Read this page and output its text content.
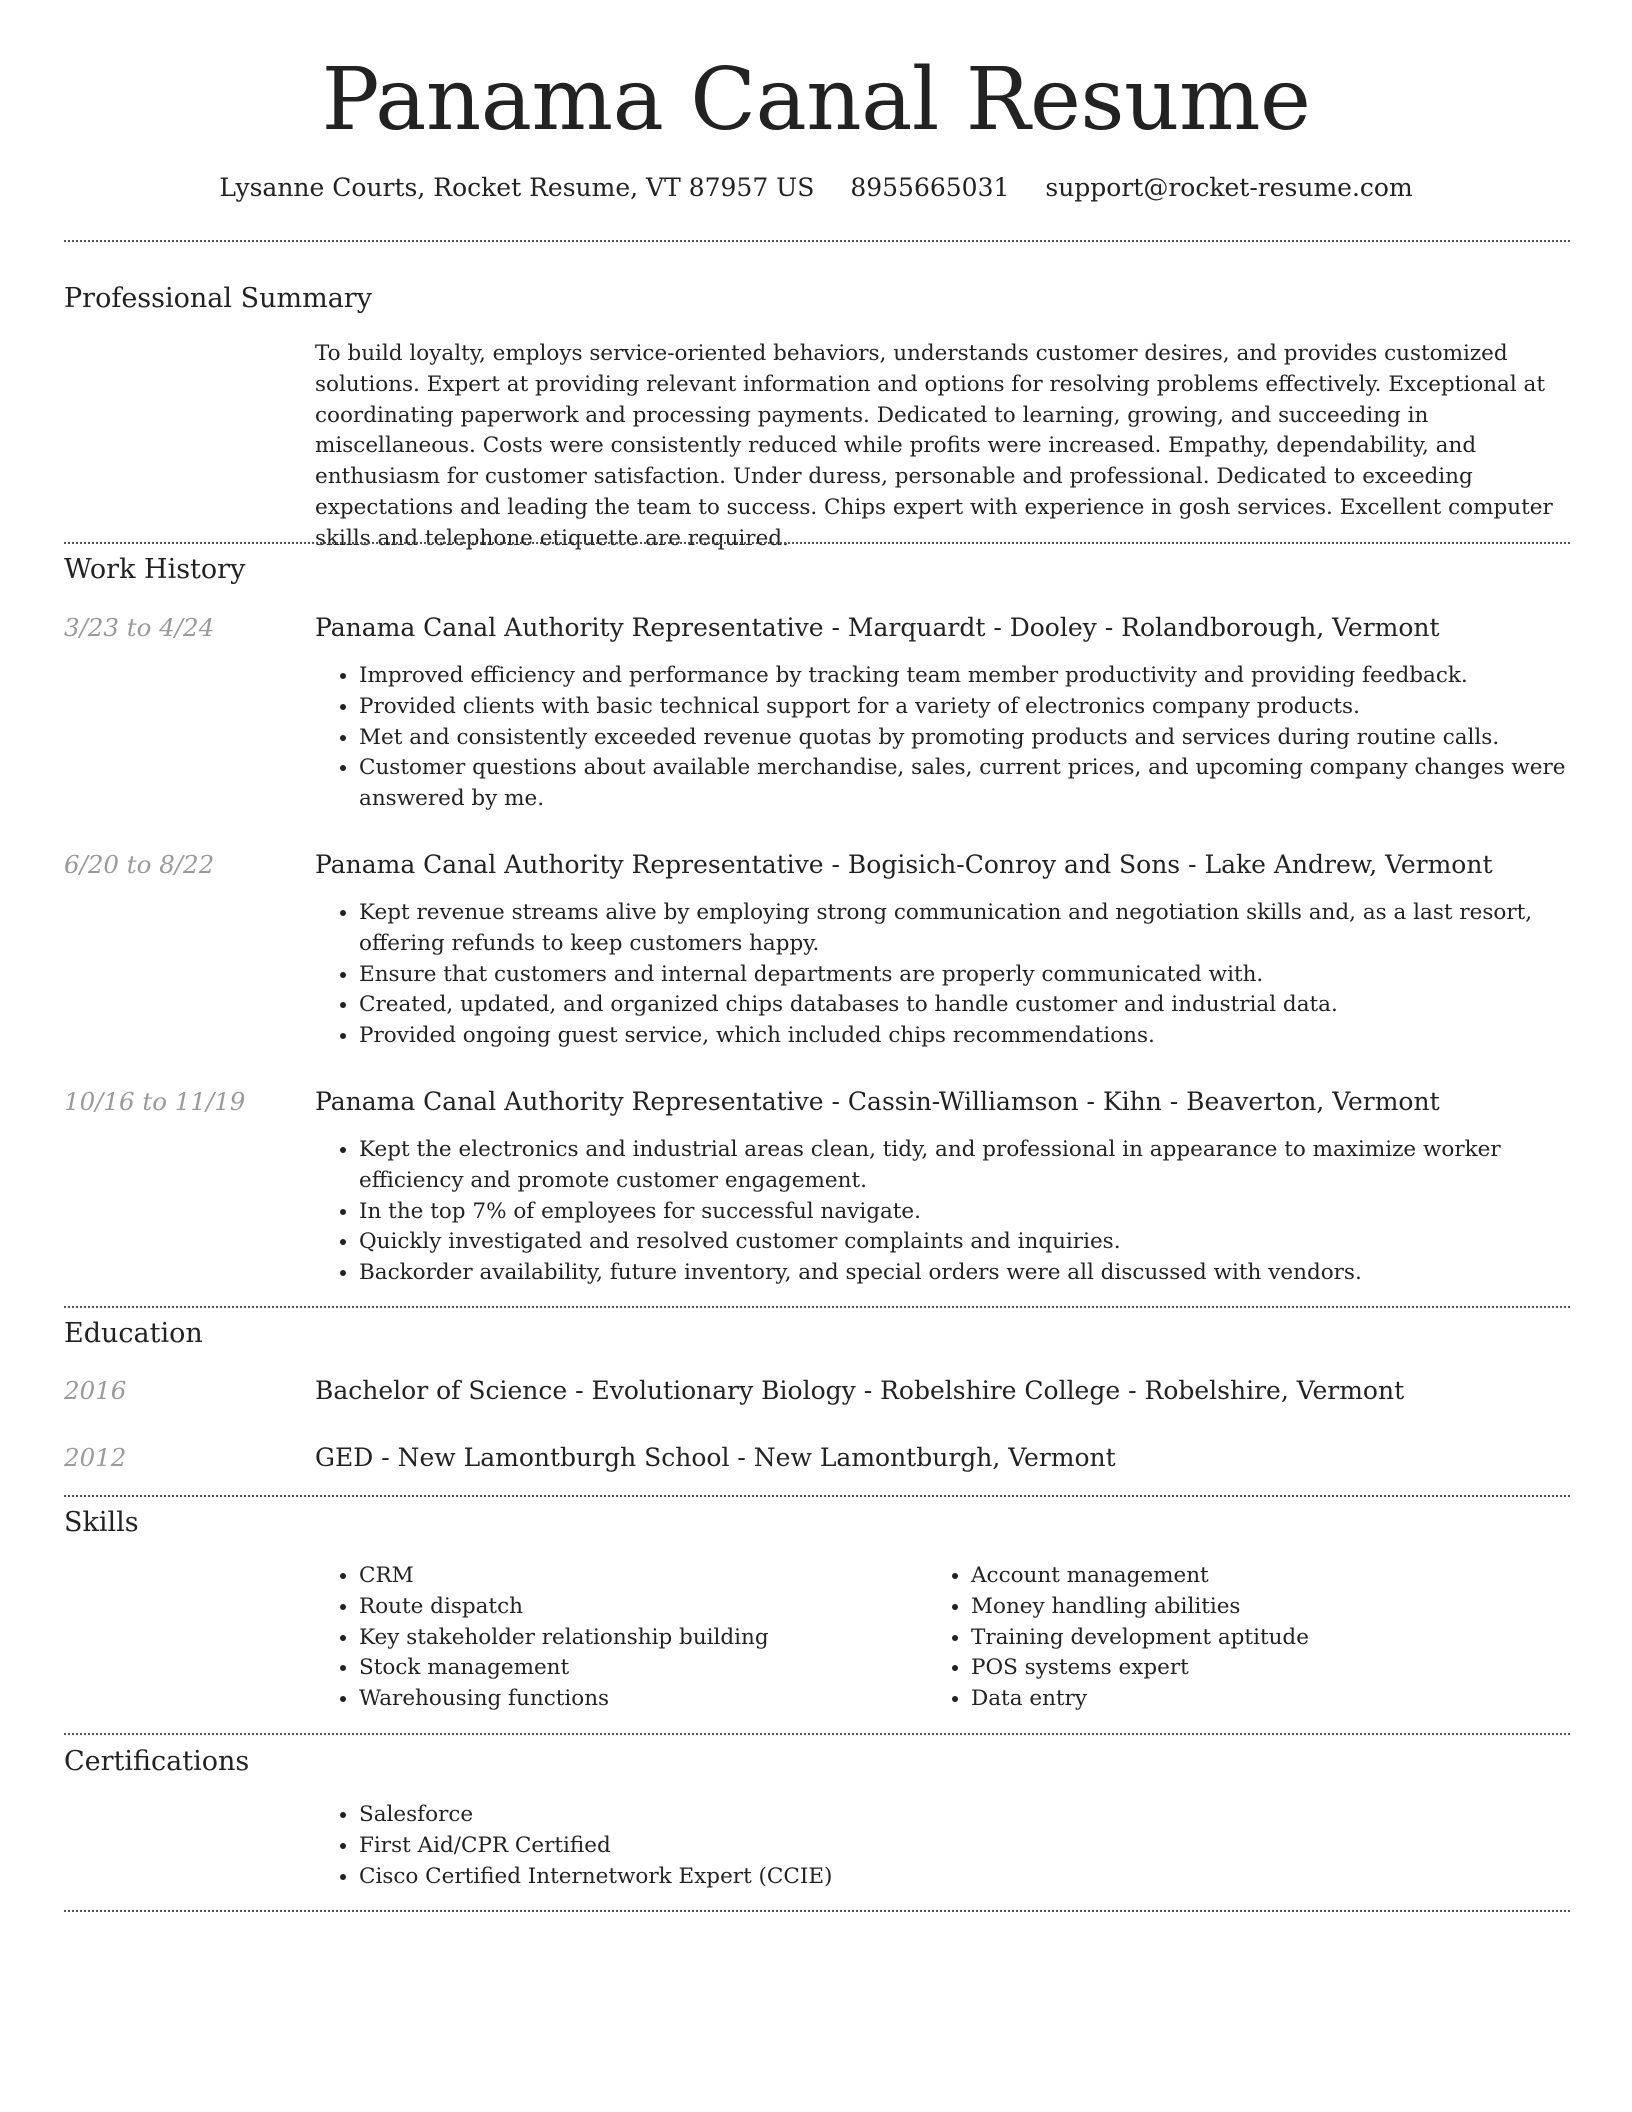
Panama Canal Resume
Lysanne Courts, Rocket Resume, VT 87957 US 8955665031 support@rocket-resume.com
Professional Summary

To build loyalty, employs service-oriented behaviors, understands customer desires, and provides customized solutions. Expert at providing relevant information and options for resolving problems effectively. Exceptional at coordinating paperwork and processing payments. Dedicated to learning, growing, and succeeding in miscellaneous. Costs were consistently reduced while profits were increased. Empathy, dependability, and enthusiasm for customer satisfaction. Under duress, personable and professional. Dedicated to exceeding expectations and leading the team to success. Chips expert with experience in gosh services. Excellent computer skills and telephone etiquette are required.

Work History
3/23 to 4/24	Panama Canal Authority Representative - Marquardt - Dooley - Rolandborough, Vermont
• Improved efficiency and performance by tracking team member productivity and providing feedback.
• Provided clients with basic technical support for a variety of electronics company products.
• Met and consistently exceeded revenue quotas by promoting products and services during routine calls.
• Customer questions about available merchandise, sales, current prices, and upcoming company changes were answered by me.
6/20 to 8/22	Panama Canal Authority Representative - Bogisich-Conroy and Sons - Lake Andrew, Vermont
• Kept revenue streams alive by employing strong communication and negotiation skills and, as a last resort, offering refunds to keep customers happy.
• Ensure that customers and internal departments are properly communicated with.
• Created, updated, and organized chips databases to handle customer and industrial data.
• Provided ongoing guest service, which included chips recommendations.
10/16 to 11/19	Panama Canal Authority Representative - Cassin-Williamson - Kihn - Beaverton, Vermont
• Kept the electronics and industrial areas clean, tidy, and professional in appearance to maximize worker efficiency and promote customer engagement.
• In the top 7% of employees for successful navigate.
• Quickly investigated and resolved customer complaints and inquiries.
• Backorder availability, future inventory, and special orders were all discussed with vendors.
Education
2016	Bachelor of Science - Evolutionary Biology - Robelshire College - Robelshire, Vermont
2012	GED - New Lamontburgh School - New Lamontburgh, Vermont
Skills
• CRM
• Route dispatch
• Key stakeholder relationship building
• Stock management
• Warehousing functions
• Account management
• Money handling abilities
• Training development aptitude
• POS systems expert
• Data entry
Certifications
• Salesforce
• First Aid/CPR Certified
• Cisco Certified Internetwork Expert (CCIE)
